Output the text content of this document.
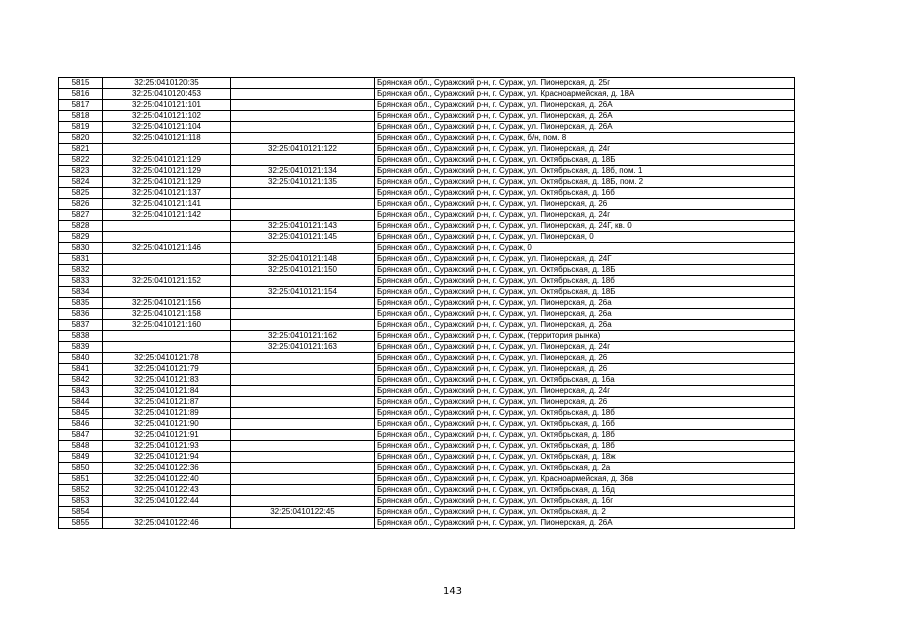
5815	32:25:0410120:35		Брянская обл., Суражский р-н, г. Сураж, ул. Пионерская, д. 25г
5816	32:25:0410120:453		Брянская обл., Суражский р-н, г. Сураж, ул. Красноармейская, д. 18А
5817	32:25:0410121:101		Брянская обл., Суражский р-н, г. Сураж, ул. Пионерская, д. 26А
5818	32:25:0410121:102		Брянская обл., Суражский р-н, г. Сураж, ул. Пионерская, д. 26А
5819	32:25:0410121:104		Брянская обл., Суражский р-н, г. Сураж, ул. Пионерская, д. 26А
5820	32:25:0410121:118		Брянская обл., Суражский р-н, г. Сураж, б/н, пом. 8
5821		32:25:0410121:122	Брянская обл., Суражский р-н, г. Сураж, ул. Пионерская, д. 24г
5822	32:25:0410121:129		Брянская обл., Суражский р-н, г. Сураж, ул. Октябрьская, д. 18Б
5823	32:25:0410121:129	32:25:0410121:134	Брянская обл., Суражский р-н, г. Сураж, ул. Октябрьская, д. 18б, пом. 1
5824	32:25:0410121:129	32:25:0410121:135	Брянская обл., Суражский р-н, г. Сураж, ул. Октябрьская, д. 18Б, пом. 2
5825	32:25:0410121:137		Брянская обл., Суражский р-н, г. Сураж, ул. Октябрьская, д. 16б
5826	32:25:0410121:141		Брянская обл., Суражский р-н, г. Сураж, ул. Пионерская, д. 26
5827	32:25:0410121:142		Брянская обл., Суражский р-н, г. Сураж, ул. Пионерская, д. 24г
5828		32:25:0410121:143	Брянская обл., Суражский р-н, г. Сураж, ул. Пионерская, д. 24Г, кв. 0
5829		32:25:0410121:145	Брянская обл., Суражский р-н, г. Сураж, ул. Пионерская, 0
5830	32:25:0410121:146		Брянская обл., Суражский р-н, г. Сураж, 0
5831		32:25:0410121:148	Брянская обл., Суражский р-н, г. Сураж, ул. Пионерская, д. 24Г
5832		32:25:0410121:150	Брянская обл., Суражский р-н, г. Сураж, ул. Октябрьская, д. 18Б
5833	32:25:0410121:152		Брянская обл., Суражский р-н, г. Сураж, ул. Октябрьская, д. 18б
5834		32:25:0410121:154	Брянская обл., Суражский р-н, г. Сураж, ул. Октябрьская, д. 18Б
5835	32:25:0410121:156		Брянская обл., Суражский р-н, г. Сураж, ул. Пионерская, д. 26а
5836	32:25:0410121:158		Брянская обл., Суражский р-н, г. Сураж, ул. Пионерская, д. 26а
5837	32:25:0410121:160		Брянская обл., Суражский р-н, г. Сураж, ул. Пионерская, д. 26а
5838		32:25:0410121:162	Брянская обл., Суражский р-н, г. Сураж, (территория рынка)
5839		32:25:0410121:163	Брянская обл., Суражский р-н, г. Сураж, ул. Пионерская, д. 24г
5840	32:25:0410121:78		Брянская обл., Суражский р-н, г. Сураж, ул. Пионерская, д. 26
5841	32:25:0410121:79		Брянская обл., Суражский р-н, г. Сураж, ул. Пионерская, д. 26
5842	32:25:0410121:83		Брянская обл., Суражский р-н, г. Сураж, ул. Октябрьская, д. 16а
5843	32:25:0410121:84		Брянская обл., Суражский р-н, г. Сураж, ул. Пионерская, д. 24г
5844	32:25:0410121:87		Брянская обл., Суражский р-н, г. Сураж, ул. Пионерская, д. 26
5845	32:25:0410121:89		Брянская обл., Суражский р-н, г. Сураж, ул. Октябрьская, д. 18б
5846	32:25:0410121:90		Брянская обл., Суражский р-н, г. Сураж, ул. Октябрьская, д. 16б
5847	32:25:0410121:91		Брянская обл., Суражский р-н, г. Сураж, ул. Октябрьская, д. 18б
5848	32:25:0410121:93		Брянская обл., Суражский р-н, г. Сураж, ул. Октябрьская, д. 18б
5849	32:25:0410121:94		Брянская обл., Суражский р-н, г. Сураж, ул. Октябрьская, д. 18ж
5850	32:25:0410122:36		Брянская обл., Суражский р-н, г. Сураж, ул. Октябрьская, д. 2а
5851	32:25:0410122:40		Брянская обл., Суражский р-н, г. Сураж, ул. Красноармейская, д. 36в
5852	32:25:0410122:43		Брянская обл., Суражский р-н, г. Сураж, ул. Октябрьская, д. 16д
5853	32:25:0410122:44		Брянская обл., Суражский р-н, г. Сураж, ул. Октябрьская, д. 16г
5854		32:25:0410122:45	Брянская обл., Суражский р-н, г. Сураж, ул. Октябрьская, д. 2
5855	32:25:0410122:46		Брянская обл., Суражский р-н, г. Сураж, ул. Пионерская, д. 26А
143
